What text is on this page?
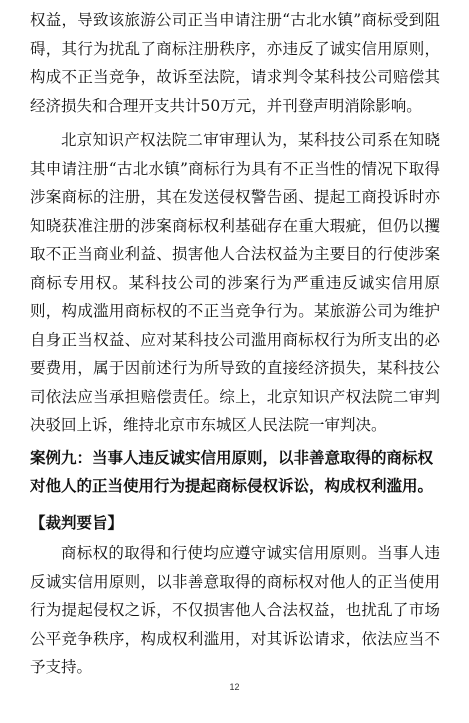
权益，导致该旅游公司正当申请注册“古北水镇”商标受到阻碍，其行为扰乱了商标注册秩序，亦违反了诚实信用原则，构成不正当竞争，故诉至法院，请求判令某科技公司赔偿其经济损失和合理开支共计50万元，并刊登声明消除影响。

北京知识产权法院二审审理认为，某科技公司系在知晓其申请注册“古北水镇”商标行为具有不正当性的情况下取得涉案商标的注册，其在发送侵权警告函、提起工商投诉时亦知晓获准注册的涉案商标权利基础存在重大瑕疵，但仍以攫取不正当商业利益、损害他人合法权益为主要目的行使涉案商标专用权。某科技公司的涉案行为严重违反诚实信用原则，构成滥用商标权的不正当竞争行为。某旅游公司为维护自身正当权益、应对某科技公司滥用商标权行为所支出的必要费用，属于因前述行为所导致的直接经济损失，某科技公司依法应当承担赔偿责任。综上，北京知识产权法院二审判决驳回上诉，维持北京市东城区人民法院一审判决。

案例九：当事人违反诚实信用原则，以非善意取得的商标权对他人的正当使用行为提起商标侵权诉讼，构成权利滥用。

【裁判要旨】

商标权的取得和行使均应遵守诚实信用原则。当事人违反诚实信用原则，以非善意取得的商标权对他人的正当使用行为提起侵权之诉，不仅损害他人合法权益，也扰乱了市场公平竞争秩序，构成权利滥用，对其诉讼请求，依法应当不予支持。

12
